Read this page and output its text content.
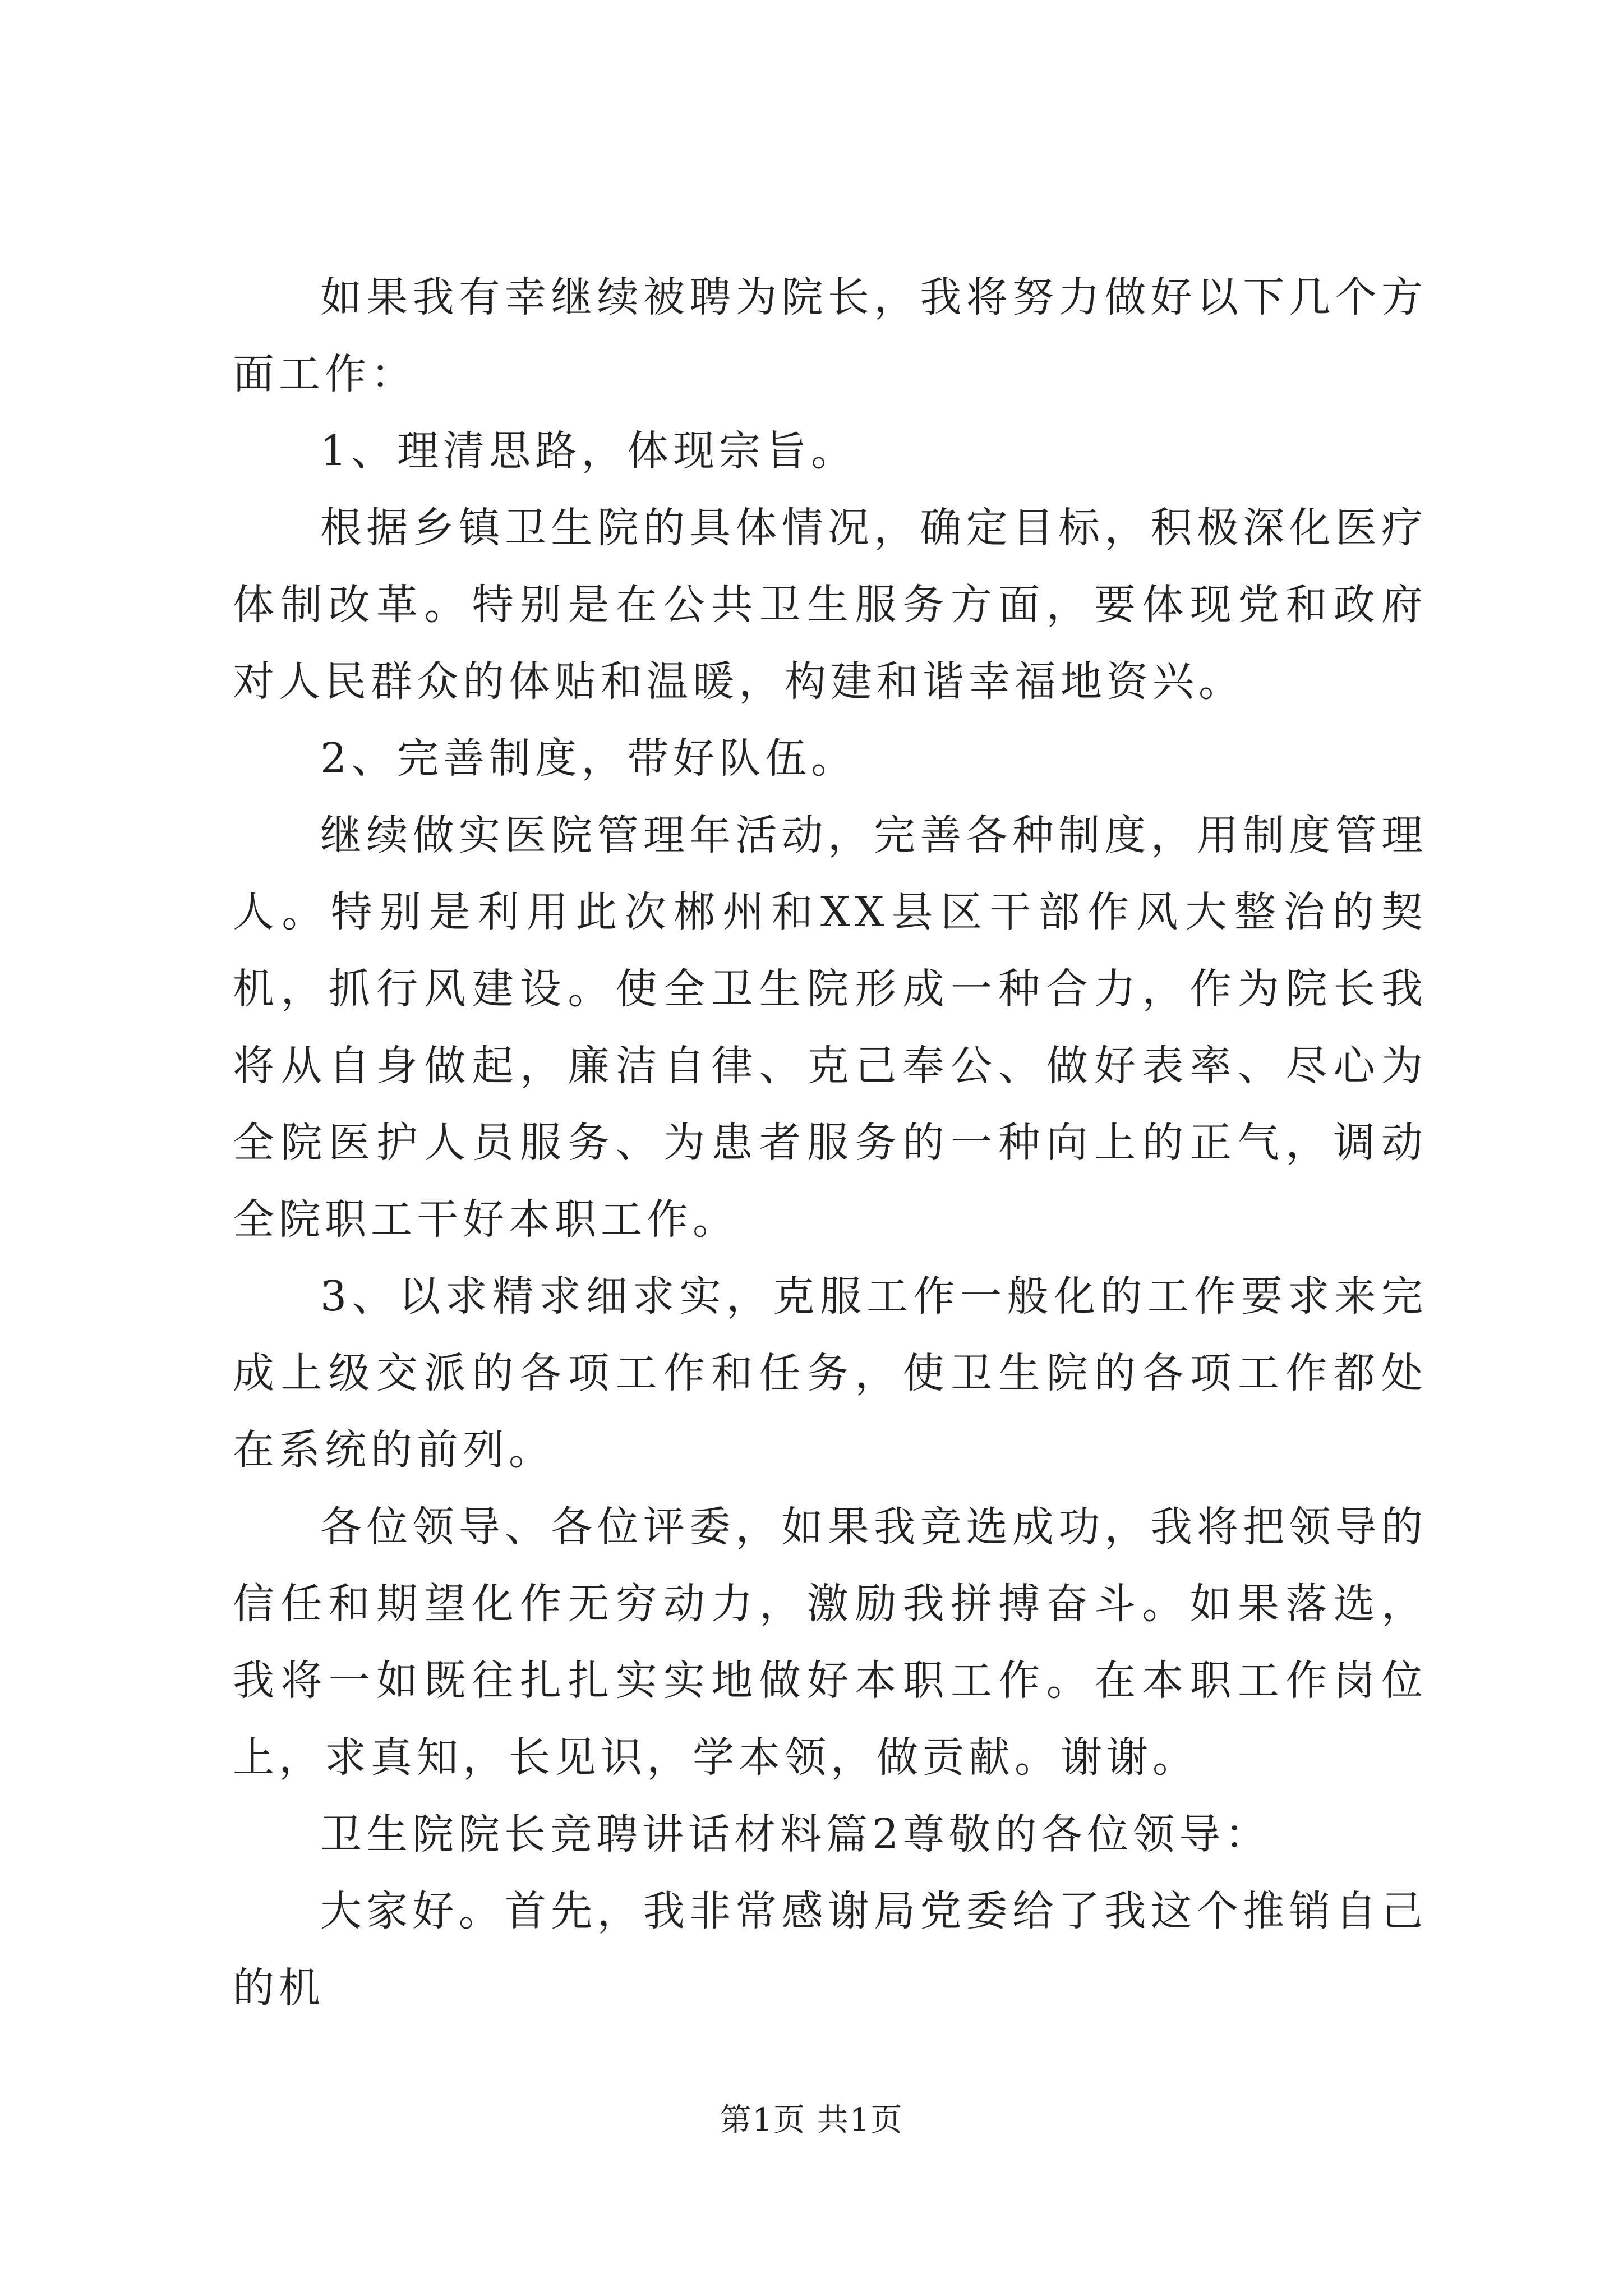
如果我有幸继续被聘为院长，我将努力做好以下几个方面工作：

1、理清思路，体现宗旨。

根据乡镇卫生院的具体情况，确定目标，积极深化医疗体制改革。特别是在公共卫生服务方面，要体现党和政府对人民群众的体贴和温暖，构建和谐幸福地资兴。

2、完善制度，带好队伍。

继续做实医院管理年活动，完善各种制度，用制度管理人。特别是利用此次郴州和XX县区干部作风大整治的契机，抓行风建设。使全卫生院形成一种合力，作为院长我将从自身做起，廉洁自律、克己奉公、做好表率、尽心为全院医护人员服务、为患者服务的一种向上的正气，调动全院职工干好本职工作。

3、以求精求细求实，克服工作一般化的工作要求来完成上级交派的各项工作和任务，使卫生院的各项工作都处在系统的前列。

各位领导、各位评委，如果我竞选成功，我将把领导的信任和期望化作无穷动力，激励我拼搏奋斗。如果落选，我将一如既往扎扎实实地做好本职工作。在本职工作岗位上，求真知，长见识，学本领，做贡献。谢谢。

卫生院院长竞聘讲话材料篇2尊敬的各位领导：

大家好。首先，我非常感谢局党委给了我这个推销自己的机

第1页 共1页
